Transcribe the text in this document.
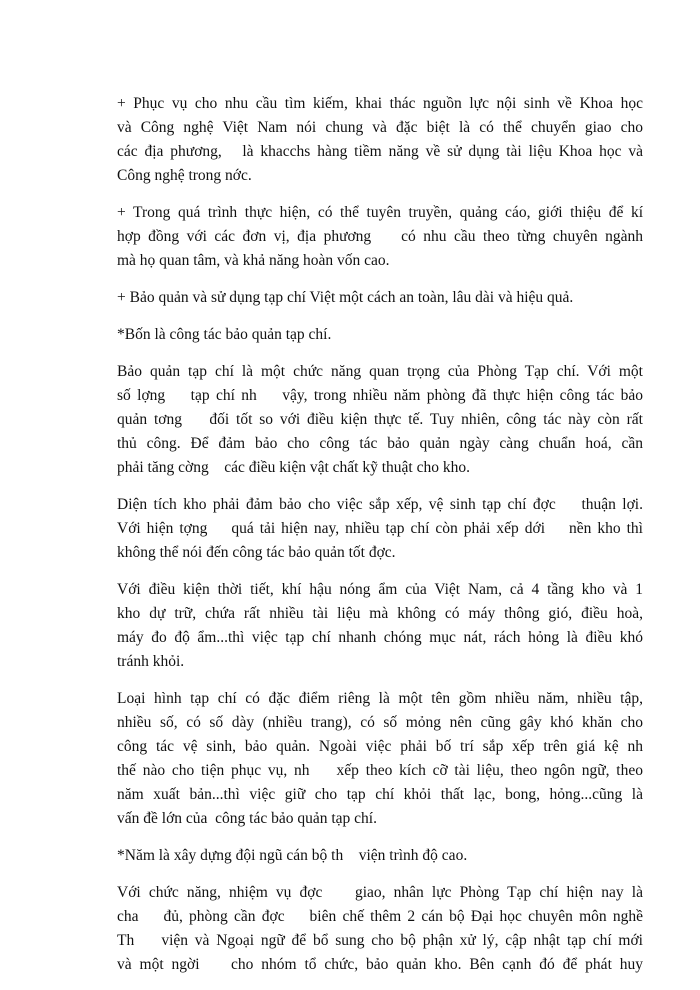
+ Phục vụ cho nhu cầu tìm kiếm, khai thác nguồn lực nội sinh về Khoa học
và Công nghệ Việt Nam nói chung và đặc biệt là có thể chuyển giao cho
các địa phương,   là khacchs hàng tiềm năng về sử dụng tài liệu Khoa học và
Công nghệ trong nớc.
+ Trong quá trình thực hiện, có thể tuyên truyền, quảng cáo, giới thiệu để kí
hợp đồng với các đơn vị, địa phương    có nhu cầu theo từng chuyên ngành
mà họ quan tâm, và khả năng hoàn vốn cao.
+ Bảo quản và sử dụng tạp chí Việt một cách an toàn, lâu dài và hiệu quả.
*Bốn là công tác bảo quản tạp chí.
Bảo quản tạp chí là một chức năng quan trọng của Phòng Tạp chí. Với một
số lợng    tạp chí nh    vậy, trong nhiều năm phòng đã thực hiện công tác bảo
quản tơng    đối tốt so với điều kiện thực tế. Tuy nhiên, công tác này còn rất
thủ công. Để đảm bảo cho công tác bảo quản ngày càng chuẩn hoá, cần
phải tăng cờng    các điều kiện vật chất kỹ thuật cho kho.
Diện tích kho phải đảm bảo cho việc sắp xếp, vệ sinh tạp chí đợc    thuận lợi.
Với hiện tợng    quá tải hiện nay, nhiều tạp chí còn phải xếp dới    nền kho thì
không thể nói đến công tác bảo quản tốt đợc.
Với điều kiện thời tiết, khí hậu nóng ẩm của Việt Nam, cả 4 tầng kho và 1
kho dự trữ, chứa rất nhiều tài liệu mà không có máy thông gió, điều hoà,
máy đo độ ẩm...thì việc tạp chí nhanh chóng mục nát, rách hỏng là điều khó
tránh khỏi.
Loại hình tạp chí có đặc điểm riêng là một tên gồm nhiều năm, nhiều tập,
nhiều số, có số dày (nhiều trang), có số mỏng nên cũng gây khó khăn cho
công tác vệ sinh, bảo quản. Ngoài việc phải bố trí sắp xếp trên giá kệ nh
thế nào cho tiện phục vụ, nh    xếp theo kích cỡ tài liệu, theo ngôn ngữ, theo
năm xuất bản...thì việc giữ cho tạp chí khỏi thất lạc, bong, hỏng...cũng là
vấn đề lớn của  công tác bảo quản tạp chí.
*Năm là xây dựng đội ngũ cán bộ th    viện trình độ cao.
Với chức năng, nhiệm vụ đợc    giao, nhân lực Phòng Tạp chí hiện nay là
cha    đủ, phòng cần đợc    biên chế thêm 2 cán bộ Đại học chuyên môn nghề
Th    viện và Ngoại ngữ để bổ sung cho bộ phận xử lý, cập nhật tạp chí mới
và một ngời    cho nhóm tổ chức, bảo quản kho. Bên cạnh đó để phát huy
